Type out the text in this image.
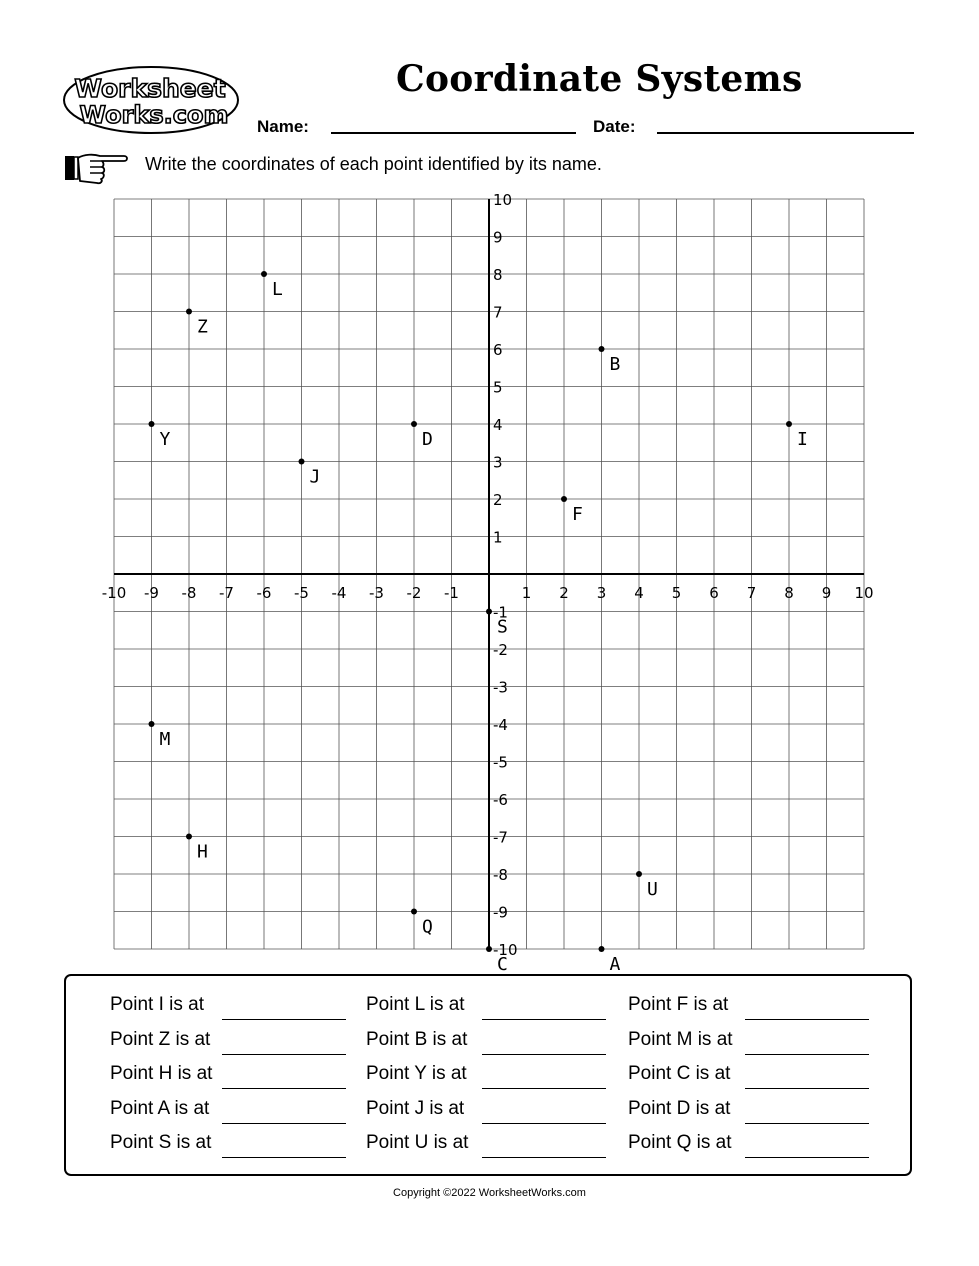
Worksheet
Works.com
Coordinate Systems
Name:	Date:
Write the coordinates of each point identified by its name.
-10 -9 -8 -7 -6 -5 -4 -3 -2 -1	1 2 3 4 5 6 7 8 9 10
10
9
8
7
6
5
4
3
2
1
-1
-2
-3
-4
-5
-6
-7
-8
-9
-10
L
Z
B
Y	D	I
J
F
S
M
H
U
Q
C	A
Point I is at	Point L is at	Point F is at
Point Z is at	Point B is at	Point M is at
Point H is at	Point Y is at	Point C is at
Point A is at	Point J is at	Point D is at
Point S is at	Point U is at	Point Q is at
Copyright ©2022 WorksheetWorks.com
